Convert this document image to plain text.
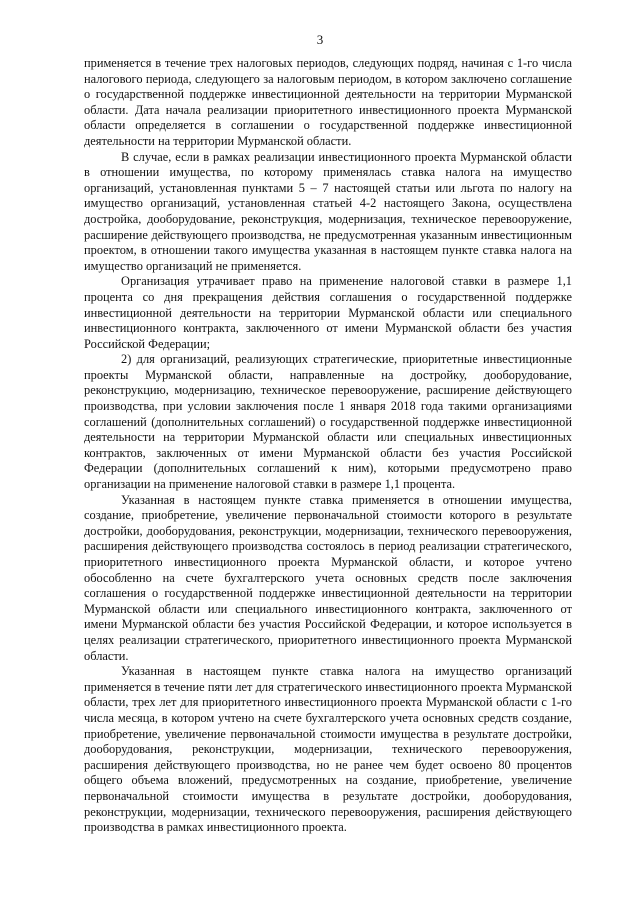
3

применяется в течение трех налоговых периодов, следующих подряд, начиная с 1-го числа налогового периода, следующего за налоговым периодом, в котором заключено соглашение о государственной поддержке инвестиционной деятельности на территории Мурманской области. Дата начала реализации приоритетного инвестиционного проекта Мурманской области определяется в соглашении о государственной поддержке инвестиционной деятельности на территории Мурманской области.

В случае, если в рамках реализации инвестиционного проекта Мурманской области в отношении имущества, по которому применялась ставка налога на имущество организаций, установленная пунктами 5 – 7 настоящей статьи или льгота по налогу на имущество организаций, установленная статьей 4-2 настоящего Закона, осуществлена достройка, дооборудование, реконструкция, модернизация, техническое перевооружение, расширение действующего производства, не предусмотренная указанным инвестиционным проектом, в отношении такого имущества указанная в настоящем пункте ставка налога на имущество организаций не применяется.

Организация утрачивает право на применение налоговой ставки в размере 1,1 процента со дня прекращения действия соглашения о государственной поддержке инвестиционной деятельности на территории Мурманской области или специального инвестиционного контракта, заключенного от имени Мурманской области без участия Российской Федерации;

2) для организаций, реализующих стратегические, приоритетные инвестиционные проекты Мурманской области, направленные на достройку, дооборудование, реконструкцию, модернизацию, техническое перевооружение, расширение действующего производства, при условии заключения после 1 января 2018 года такими организациями соглашений (дополнительных соглашений) о государственной поддержке инвестиционной деятельности на территории Мурманской области или специальных инвестиционных контрактов, заключенных от имени Мурманской области без участия Российской Федерации (дополнительных соглашений к ним), которыми предусмотрено право организации на применение налоговой ставки в размере 1,1 процента.

Указанная в настоящем пункте ставка применяется в отношении имущества, создание, приобретение, увеличение первоначальной стоимости которого в результате достройки, дооборудования, реконструкции, модернизации, технического перевооружения, расширения действующего производства состоялось в период реализации стратегического, приоритетного инвестиционного проекта Мурманской области, и которое учтено обособленно на счете бухгалтерского учета основных средств после заключения соглашения о государственной поддержке инвестиционной деятельности на территории Мурманской области или специального инвестиционного контракта, заключенного от имени Мурманской области без участия Российской Федерации, и которое используется в целях реализации стратегического, приоритетного инвестиционного проекта Мурманской области.

Указанная в настоящем пункте ставка налога на имущество организаций применяется в течение пяти лет для стратегического инвестиционного проекта Мурманской области, трех лет для приоритетного инвестиционного проекта Мурманской области с 1-го числа месяца, в котором учтено на счете бухгалтерского учета основных средств создание, приобретение, увеличение первоначальной стоимости имущества в результате достройки, дооборудования, реконструкции, модернизации, технического перевооружения, расширения действующего производства, но не ранее чем будет освоено 80 процентов общего объема вложений, предусмотренных на создание, приобретение, увеличение первоначальной стоимости имущества в результате достройки, дооборудования, реконструкции, модернизации, технического перевооружения, расширения действующего производства в рамках инвестиционного проекта.
